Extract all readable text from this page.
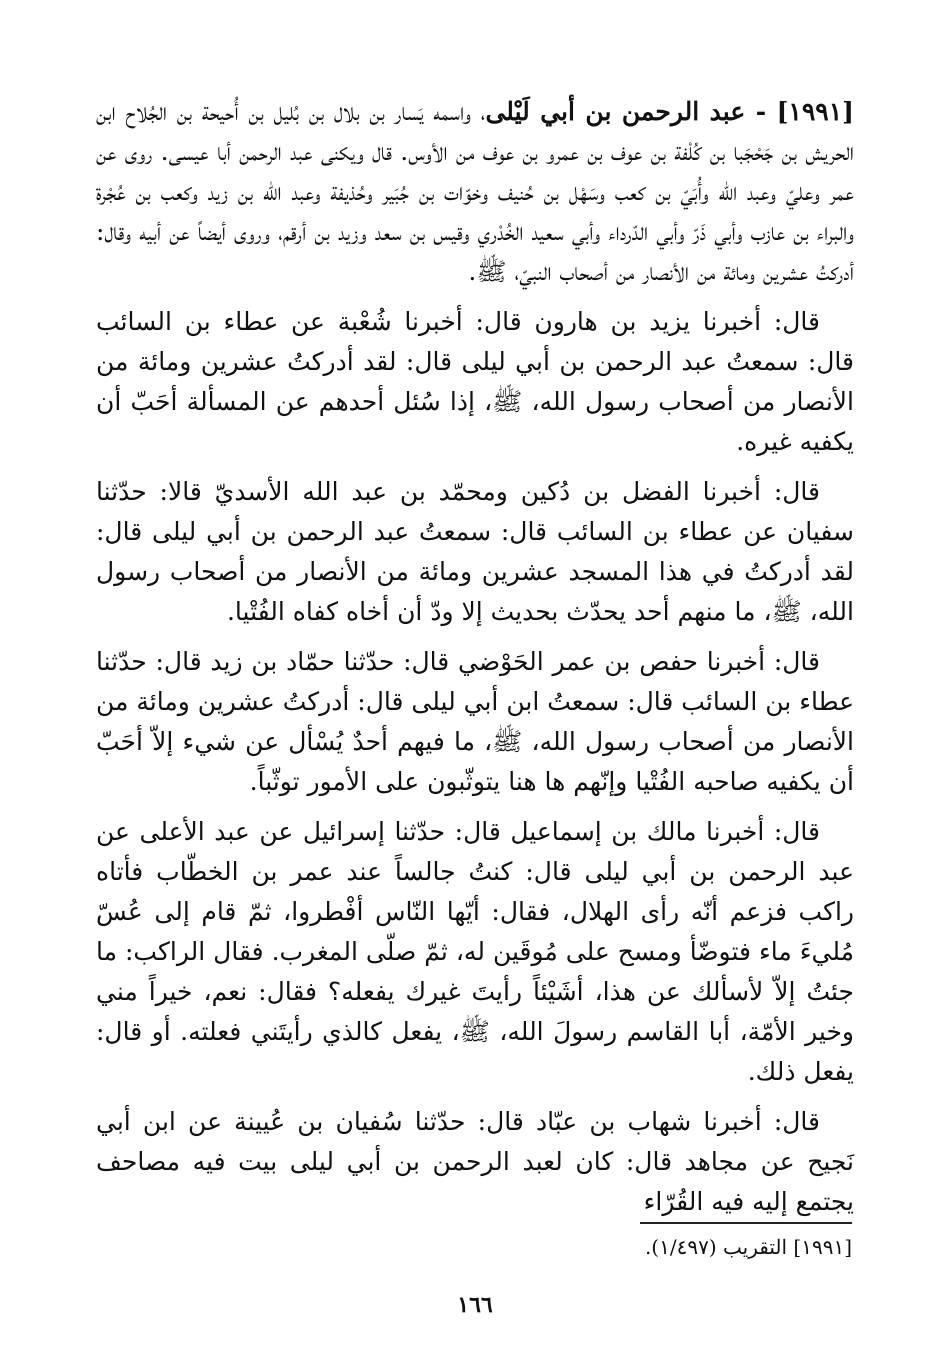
[١٩٩١] - عبد الرحمن بن أبي لَيْلى، واسمه يَسار بن بلال بن بُليل بن أُحيحة بن الجُلاح ابن الحريش بن جَحْجَبا بن كُلْفة بن عوف بن عمرو بن عوف من الأوس. قال ويكنى عبد الرحمن أبا عيسى. روى عن عمر وعليّ وعبد الله وأُبَيّ بن كعب وسَهْل بن حُنيف وخوّات بن جُبَير وحُذيفة وعبد الله بن زيد وكعب بن عُجْرة والبراء بن عازب وأبي ذَرّ وأبي الدّرداء وأبي سعيد الخُدْري وقيس بن سعد وزيد بن أرقم، وروى أيضاً عن أبيه وقال: أدركتُ عشرين ومائة من الأنصار من أصحاب النبيّ، ﷺ.

قال: أخبرنا يزيد بن هارون قال: أخبرنا شُعْبة عن عطاء بن السائب قال: سمعتُ عبد الرحمن بن أبي ليلى قال: لقد أدركتُ عشرين ومائة من الأنصار من أصحاب رسول الله، ﷺ، إذا سُئل أحدهم عن المسألة أحَبّ أن يكفيه غيره.

قال: أخبرنا الفضل بن دُكين ومحمّد بن عبد الله الأسديّ قالا: حدّثنا سفيان عن عطاء بن السائب قال: سمعتُ عبد الرحمن بن أبي ليلى قال: لقد أدركتُ في هذا المسجد عشرين ومائة من الأنصار من أصحاب رسول الله، ﷺ، ما منهم أحد يحدّث بحديث إلا ودّ أن أخاه كفاه الفُتْيا.

قال: أخبرنا حفص بن عمر الحَوْضي قال: حدّثنا حمّاد بن زيد قال: حدّثنا عطاء بن السائب قال: سمعتُ ابن أبي ليلى قال: أدركتُ عشرين ومائة من الأنصار من أصحاب رسول الله، ﷺ، ما فيهم أحدٌ يُسْأل عن شيء إلاّ أحَبّ أن يكفيه صاحبه الفُتْيا وإنّهم ها هنا يتوثّبون على الأمور توثّباً.

قال: أخبرنا مالك بن إسماعيل قال: حدّثنا إسرائيل عن عبد الأعلى عن عبد الرحمن بن أبي ليلى قال: كنتُ جالساً عند عمر بن الخطّاب فأتاه راكب فزعم أنّه رأى الهلال، فقال: أيّها النّاس أفْطروا، ثمّ قام إلى عُسّ مُليءَ ماء فتوضّأ ومسح على مُوقَين له، ثمّ صلّى المغرب. فقال الراكب: ما جئتُ إلاّ لأسألك عن هذا، أشَيْئاً رأيتَ غيرك يفعله؟ فقال: نعم، خيراً مني وخير الأمّة، أبا القاسم رسولَ الله، ﷺ، يفعل كالذي رأيتَني فعلته. أو قال: يفعل ذلك.

قال: أخبرنا شهاب بن عبّاد قال: حدّثنا سُفيان بن عُيينة عن ابن أبي نَجيح عن مجاهد قال: كان لعبد الرحمن بن أبي ليلى بيت فيه مصاحف يجتمع إليه فيه القُرّاء

[١٩٩١] التقريب (١/٤٩٧).
١٦٦
